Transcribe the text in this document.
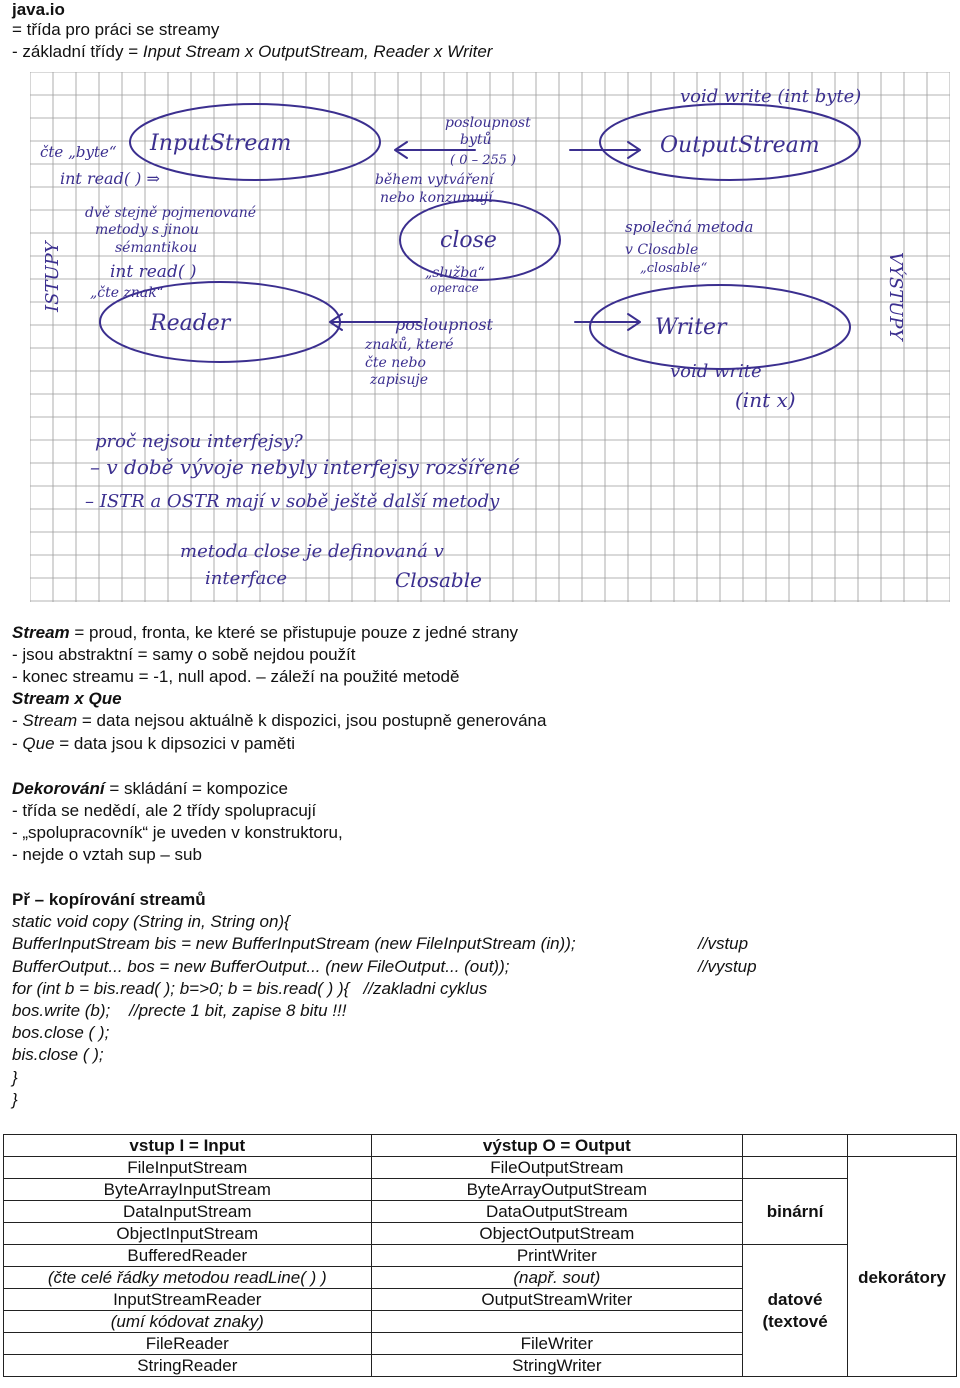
java.io
= třída pro práci se streamy
- základní třídy = Input Stream x OutputStream, Reader x Writer
čte „byte“ InputStream
int read( ) ⇒
dvě stejně pojmenované
metody s jinou
sémantikou
int read( )
„čte znak“
ISTUPY
posloupnost
bytů
( 0 – 255 )
během vytváření
nebo konzumují
close
„služba“
operace
posloupnost
znaků, které
čte nebo
zapisuje
Reader
void write (int byte)
OutputStream
společná metoda
v Closable
„closable“
Writer
void write
(int x)
VÝSTUPY
proč nejsou interfejsy?
– v době vývoje nebyly interfejsy rozšířené
– ISTR a OSTR mají v sobě ještě další metody
metoda close je definovaná v
interface	Closable
Stream = proud, fronta, ke které se přistupuje pouze z jedné strany
- jsou abstraktní = samy o sobě nejdou použít
- konec streamu = -1, null apod. – záleží na použité metodě
Stream x Que
- Stream = data nejsou aktuálně k dispozici, jsou postupně generována
- Que = data jsou k dipsozici v paměti
Dekorování = skládání = kompozice
- třída se nedědí, ale 2 třídy spolupracují
- „spolupracovník“ je uveden v konstruktoru,
- nejde o vztah sup – sub
Př – kopírování streamů
static void copy (String in, String on){
BufferInputStream bis = new BufferInputStream (new FileInputStream (in));	//vstup
BufferOutput... bos = new BufferOutput... (new FileOutput... (out));	//vystup
for (int b = bis.read( ); b=>0; b = bis.read( ) ){   //zakladni cyklus
bos.write (b);    //precte 1 bit, zapise 8 bitu !!!
bos.close ( );
bis.close ( );
}
}
vstup I = Input	výstup O = Output		
FileInputStream	FileOutputStream		
ByteArrayInputStream	ByteArrayOutputStream	binární	
DataInputStream	DataOutputStream		
ObjectInputStream	ObjectOutputStream		
BufferedReader	PrintWriter	datové (textové	
(čte celé řádky metodou readLine( ) )	(např. sout)		dekorátory
InputStreamReader	OutputStreamWriter		
(umí kódovat znaky)			
FileReader	FileWriter		
StringReader	StringWriter		
